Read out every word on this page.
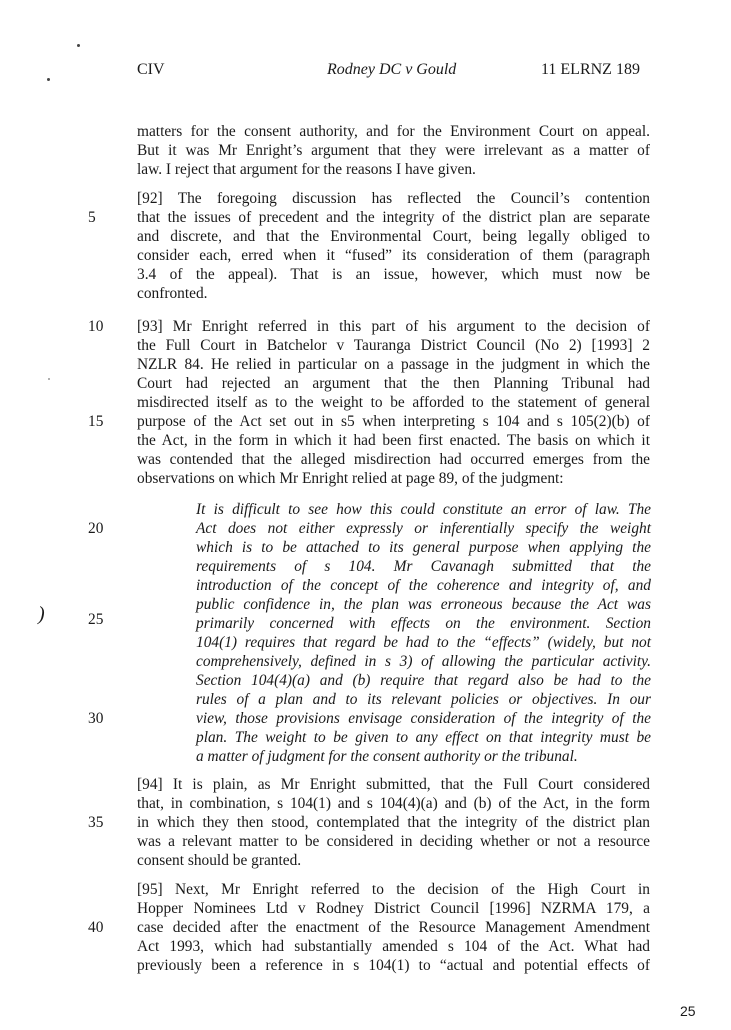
CIV	Rodney DC v Gould	11 ELRNZ 189
5
10
15
20
25
30
35
40
)
matters for the consent authority, and for the Environment Court on appeal.
But it was Mr Enright’s argument that they were irrelevant as a matter of
law. I reject that argument for the reasons I have given.
[92] The foregoing discussion has reflected the Council’s contention
that the issues of precedent and the integrity of the district plan are separate
and discrete, and that the Environmental Court, being legally obliged to
consider each, erred when it “fused” its consideration of them (paragraph
3.4 of the appeal). That is an issue, however, which must now be
confronted.
[93] Mr Enright referred in this part of his argument to the decision of
the Full Court in Batchelor v Tauranga District Council (No 2) [1993] 2
NZLR 84. He relied in particular on a passage in the judgment in which the
Court had rejected an argument that the then Planning Tribunal had
misdirected itself as to the weight to be afforded to the statement of general
purpose of the Act set out in s5 when interpreting s 104 and s 105(2)(b) of
the Act, in the form in which it had been first enacted. The basis on which it
was contended that the alleged misdirection had occurred emerges from the
observations on which Mr Enright relied at page 89, of the judgment:
It is difficult to see how this could constitute an error of law. The
Act does not either expressly or inferentially specify the weight
which is to be attached to its general purpose when applying the
requirements of s 104. Mr Cavanagh submitted that the
introduction of the concept of the coherence and integrity of, and
public confidence in, the plan was erroneous because the Act was
primarily concerned with effects on the environment. Section
104(1) requires that regard be had to the “effects” (widely, but not
comprehensively, defined in s 3) of allowing the particular activity.
Section 104(4)(a) and (b) require that regard also be had to the
rules of a plan and to its relevant policies or objectives. In our
view, those provisions envisage consideration of the integrity of the
plan. The weight to be given to any effect on that integrity must be
a matter of judgment for the consent authority or the tribunal.
[94] It is plain, as Mr Enright submitted, that the Full Court considered
that, in combination, s 104(1) and s 104(4)(a) and (b) of the Act, in the form
in which they then stood, contemplated that the integrity of the district plan
was a relevant matter to be considered in deciding whether or not a resource
consent should be granted.
[95] Next, Mr Enright referred to the decision of the High Court in
Hopper Nominees Ltd v Rodney District Council [1996] NZRMA 179, a
case decided after the enactment of the Resource Management Amendment
Act 1993, which had substantially amended s 104 of the Act. What had
previously been a reference in s 104(1) to “actual and potential effects of
25
